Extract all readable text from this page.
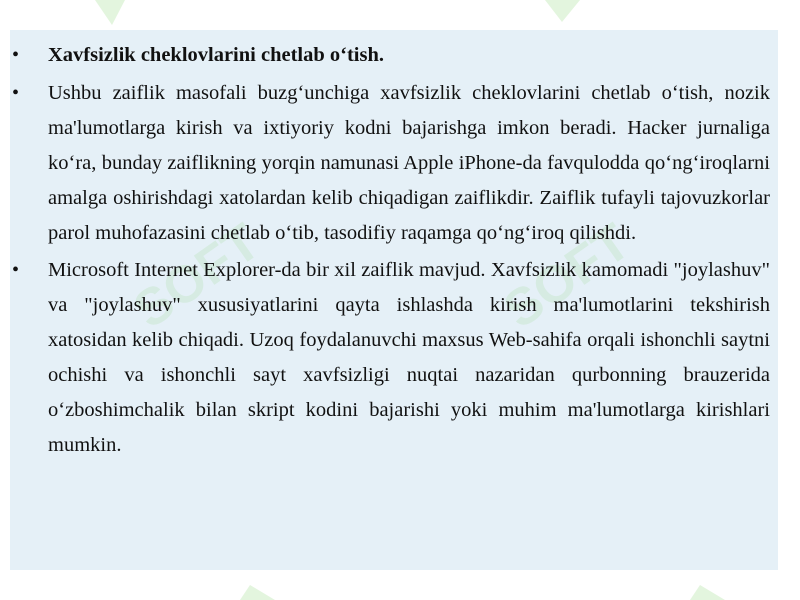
•	Xavfsizlik cheklovlarini chetlab o‘tish.
•	Ushbu zaiflik masofali buzg‘unchiga xavfsizlik cheklovlarini chetlab o‘tish, nozik ma'lumotlarga kirish va ixtiyoriy kodni bajarishga imkon beradi. Hacker jurnaliga ko‘ra, bunday zaiflikning yorqin namunasi Apple iPhone-da favqulodda qo‘ng‘iroqlarni amalga oshirishdagi xatolardan kelib chiqadigan zaiflikdir. Zaiflik tufayli tajovuzkorlar parol muhofazasini chetlab o‘tib, tasodifiy raqamga qo‘ng‘iroq qilishdi.
•	Microsoft Internet Explorer-da bir xil zaiflik mavjud. Xavfsizlik kamomadi "joylashuv" va "joylashuv" xususiyatlarini qayta ishlashda kirish ma'lumotlarini tekshirish xatosidan kelib chiqadi. Uzoq foydalanuvchi maxsus Web-sahifa orqali ishonchli saytni ochishi va ishonchli sayt xavfsizligi nuqtai nazaridan qurbonning brauzerida o‘zboshimchalik bilan skript kodini bajarishi yoki muhim ma'lumotlarga kirishlari mumkin.
